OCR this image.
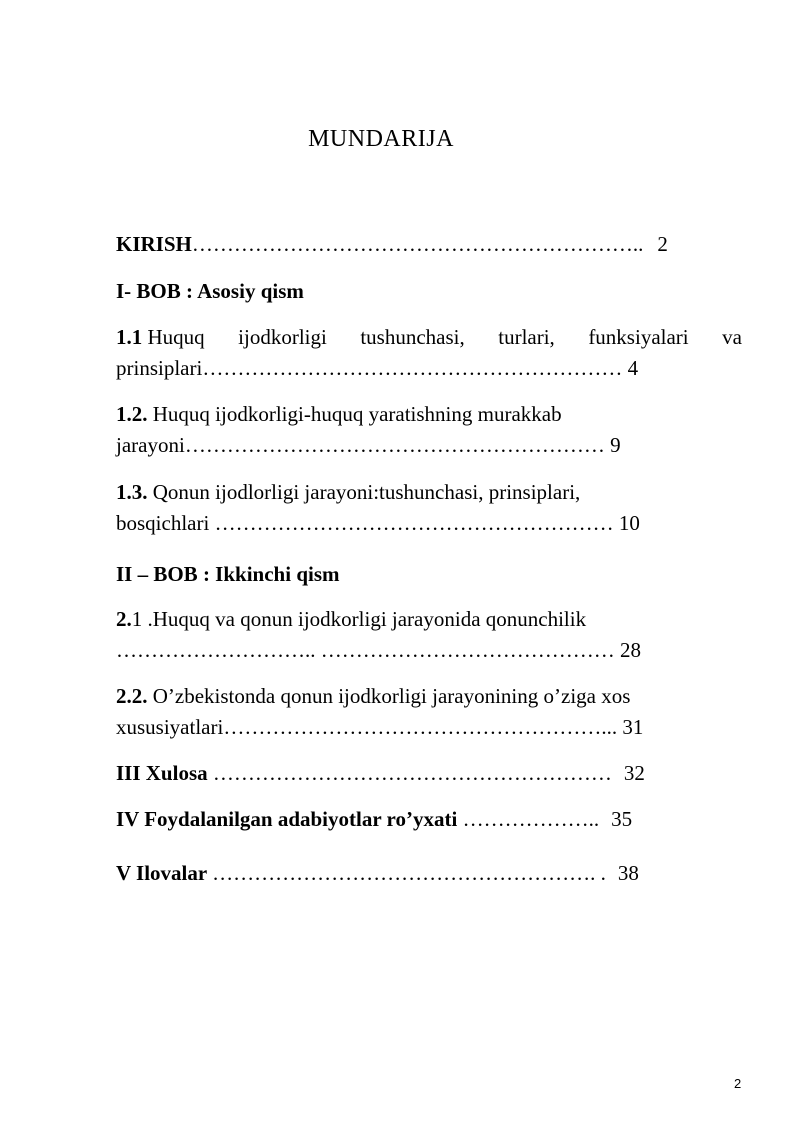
MUNDARIJA
KIRISH……………………………………………………….. 2
I- BOB : Asosiy qism
1.1 Huquq ijodkorligi tushunchasi, turlari, funksiyalari va
prinsiplari…………………………………………………… 4
1.2. Huquq ijodkorligi-huquq yaratishning murakkab
jarayoni…………………………………………………… 9
1.3. Qonun ijodlorligi jarayoni:tushunchasi, prinsiplari,
bosqichlari ………………………………………………… 10
II – BOB : Ikkinchi qism
2.1 .Huquq va qonun ijodkorligi jarayonida qonunchilik
……………………….. …………………………………… 28
2.2. O’zbekistonda qonun ijodkorligi jarayonining o’ziga xos
xususiyatlari………………………………………………... 31
III Xulosa ………………………………………………… 32
IV Foydalanilgan adabiyotlar ro’yxati ……………….. 35
V Ilovalar ………………………………………………. . 38
2
